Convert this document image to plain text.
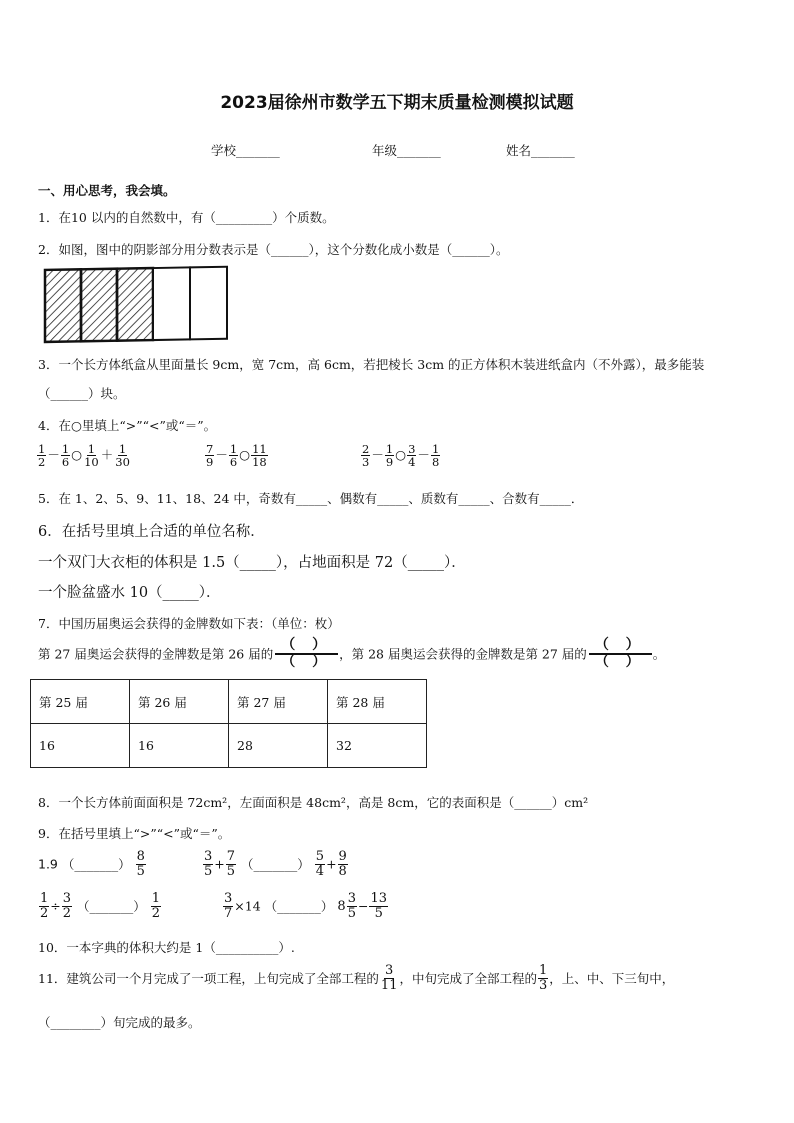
2023届徐州市数学五下期末质量检测模拟试题
学校_______	年级_______	姓名_______
一、用心思考，我会填。
1．在10 以内的自然数中，有（_________）个质数。
2．如图，图中的阴影部分用分数表示是（______），这个分数化成小数是（______）。
3．一个长方体纸盒从里面量长 9cm，宽 7cm，高 6cm，若把棱长 3cm 的正方体积木装进纸盒内（不外露），最多能装
（______）块。
4．在○里填上“>”“<”或“＝”。
$\frac{1}{2} - \frac{1}{6}$ ○ $\frac{1}{10} + \frac{1}{30}$	$\frac{7}{9} - \frac{1}{6}$ ○ $\frac{11}{18}$	$\frac{2}{3} - \frac{1}{9}$ ○ $\frac{3}{4} - \frac{1}{8}$
5．在 1、2、5、9、11、18、24 中，奇数有_____、偶数有_____、质数有_____、合数有_____．
6．在括号里填上合适的单位名称．
一个双门大衣柜的体积是 1.5（_____），占地面积是 72（_____）．
一个脸盆盛水 10（_____）．
7．中国历届奥运会获得的金牌数如下表：（单位：枚）
第 27 届奥运会获得的金牌数是第 26 届的 $\frac{( )}{( )}$ ，第 28 届奥运会获得的金牌数是第 27 届的 $\frac{( )}{( )}$ 。
第 25 届	第 26 届	第 27 届	第 28 届
16	16	28	32
8．一个长方体前面面积是 72cm²，左面面积是 48cm²，高是 8cm，它的表面积是（______）cm²
9．在括号里填上“>”“<”或“＝”。
1.9 （_______） $\frac{8}{5}$	$\frac{3}{5} + \frac{7}{5}$ （_______） $\frac{5}{4} + \frac{9}{8}$
$\frac{1}{2} \div \frac{3}{2}$ （_______） $\frac{1}{2}$	$\frac{3}{7} \times 14$ （_______） $8 \frac{3}{5} - \frac{13}{5}$
10．一本字典的体积大约是 1（__________）.
11．建筑公司一个月完成了一项工程，上旬完成了全部工程的 $\frac{3}{11}$ ，中旬完成了全部工程的 $\frac{1}{3}$ ，上、中、下三旬中，
（________）旬完成的最多。
